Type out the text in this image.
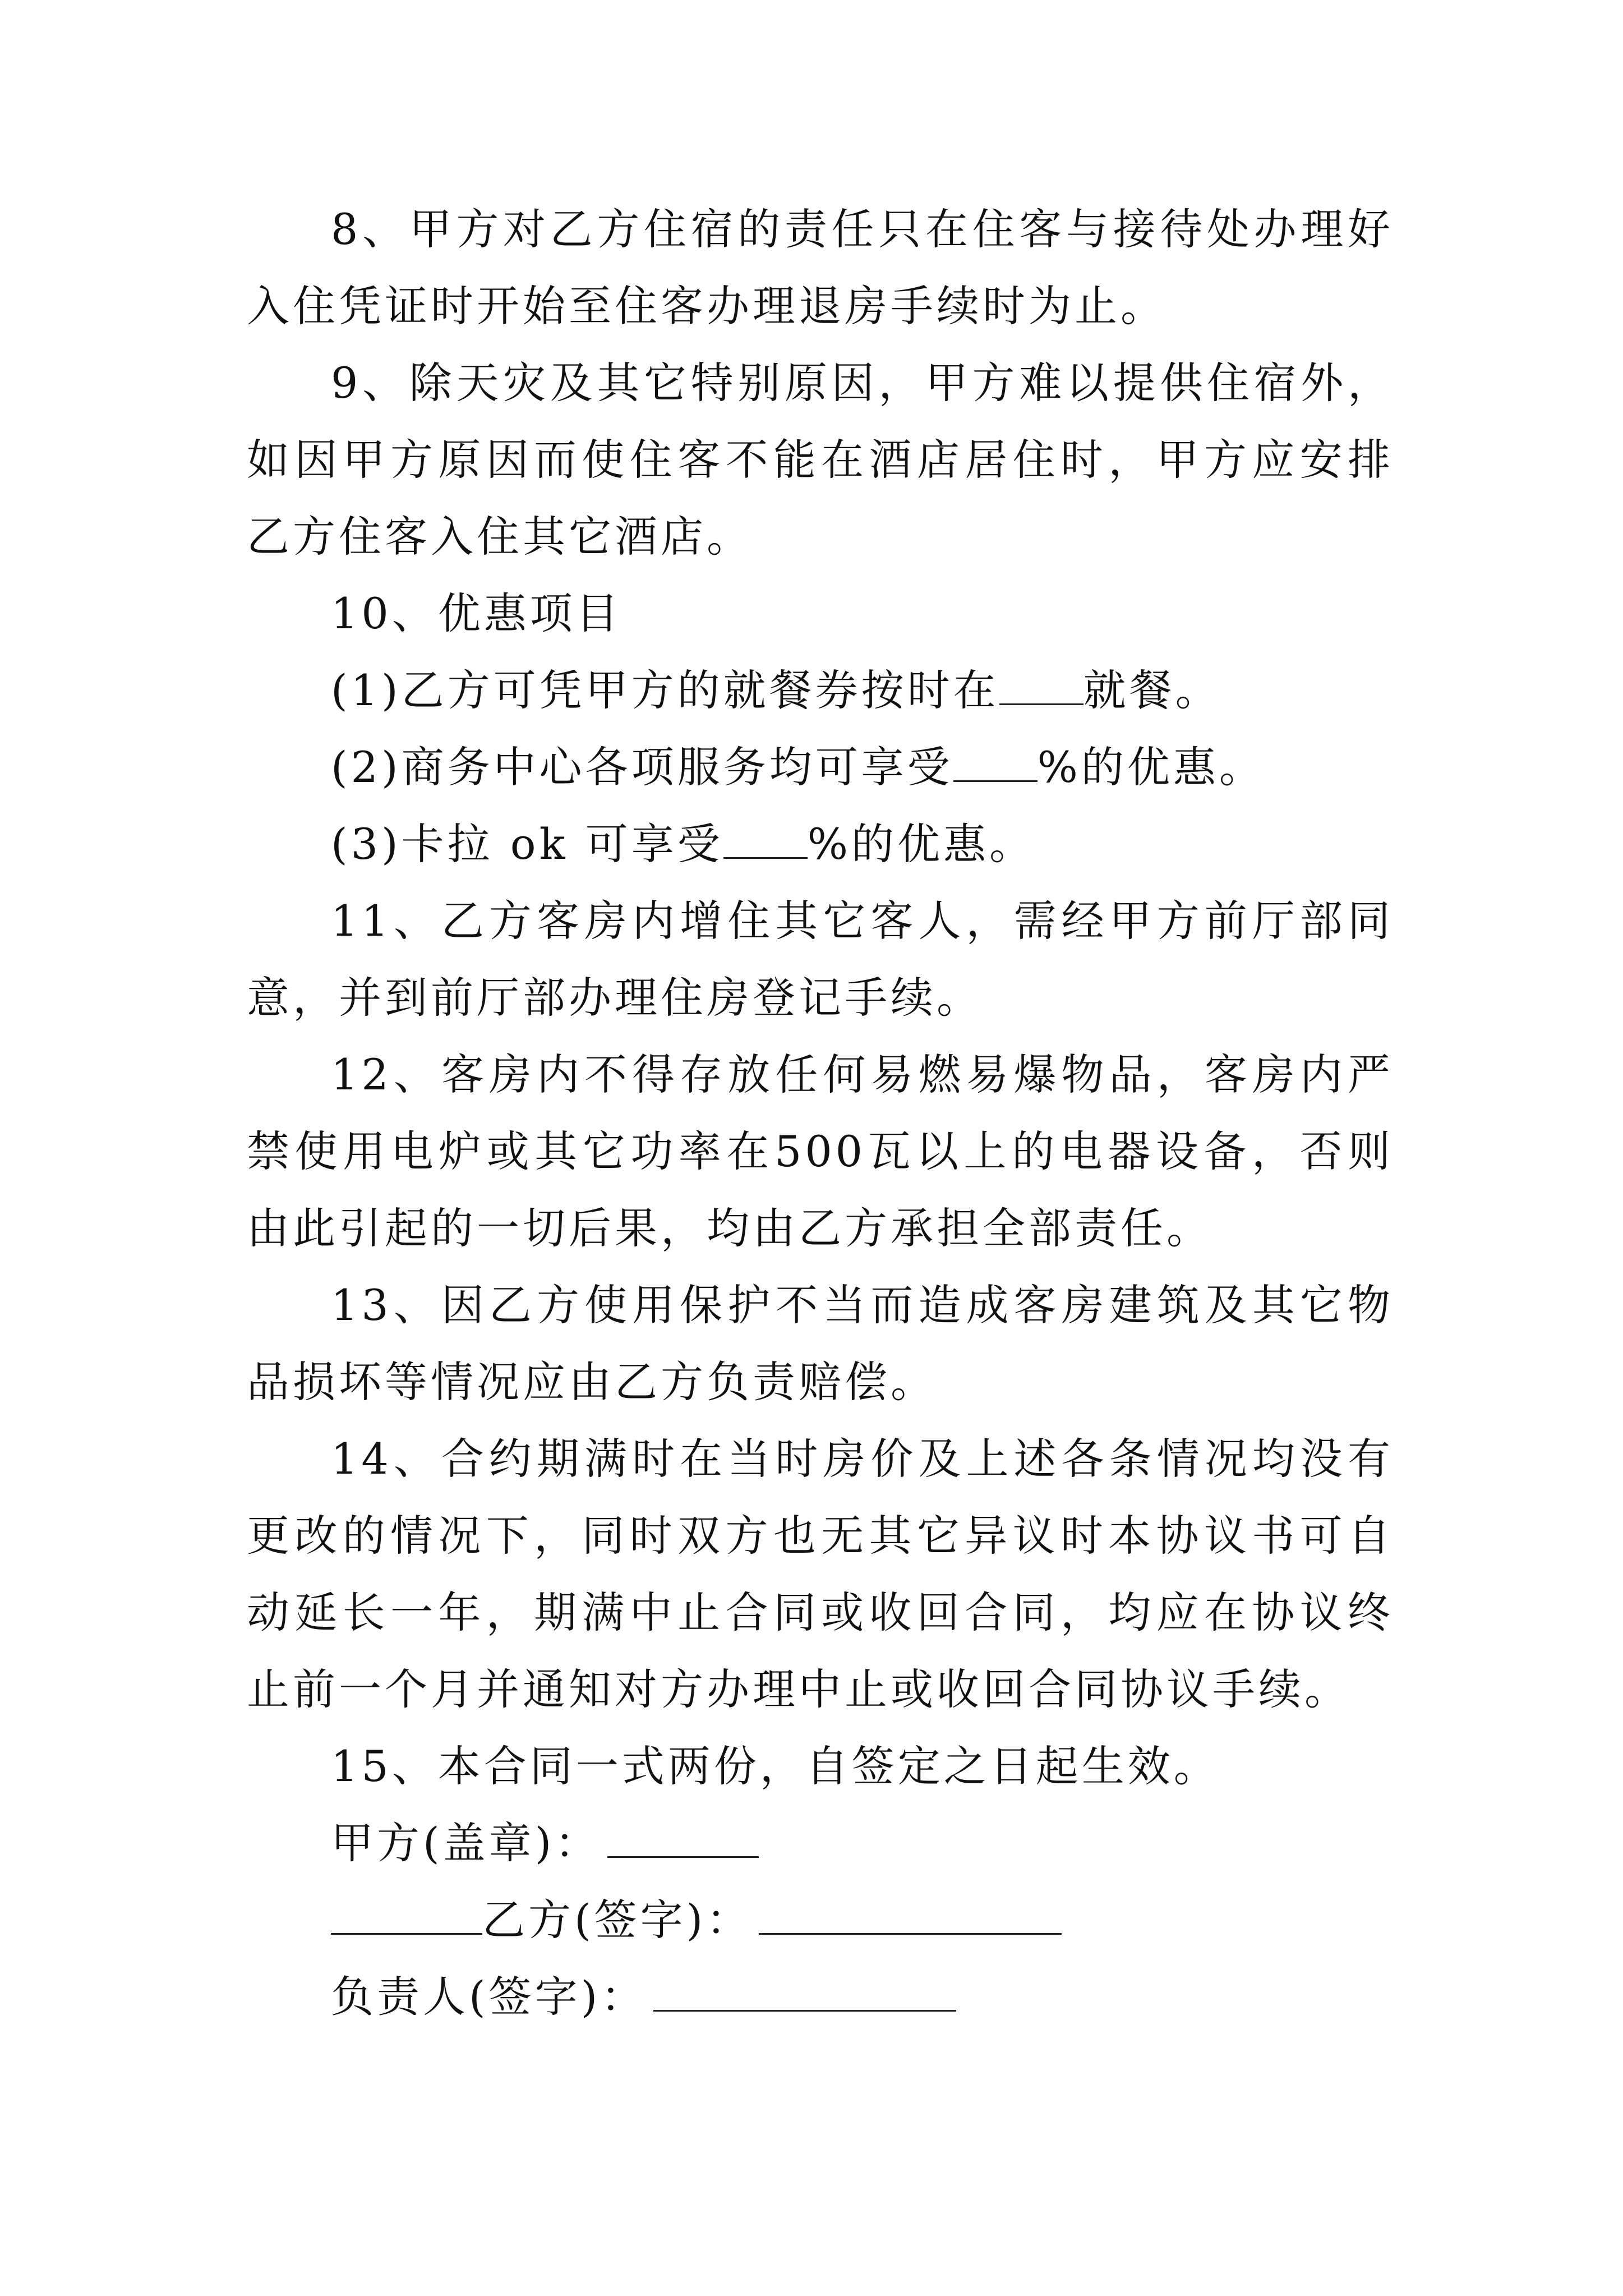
8、甲方对乙方住宿的责任只在住客与接待处办理好入住凭证时开始至住客办理退房手续时为止。

9、除天灾及其它特别原因，甲方难以提供住宿外，如因甲方原因而使住客不能在酒店居住时，甲方应安排乙方住客入住其它酒店。

10、优惠项目

(1)乙方可凭甲方的就餐券按时在 就餐。

(2)商务中心各项服务均可享受 %的优惠。

(3)卡拉 ok 可享受 %的优惠。

11、乙方客房内增住其它客人，需经甲方前厅部同意，并到前厅部办理住房登记手续。

12、客房内不得存放任何易燃易爆物品，客房内严禁使用电炉或其它功率在500瓦以上的电器设备，否则由此引起的一切后果，均由乙方承担全部责任。

13、因乙方使用保护不当而造成客房建筑及其它物品损坏等情况应由乙方负责赔偿。

14、合约期满时在当时房价及上述各条情况均没有更改的情况下，同时双方也无其它异议时本协议书可自动延长一年，期满中止合同或收回合同，均应在协议终止前一个月并通知对方办理中止或收回合同协议手续。

15、本合同一式两份，自签定之日起生效。

甲方(盖章)：

乙方(签字)：

负责人(签字)：
